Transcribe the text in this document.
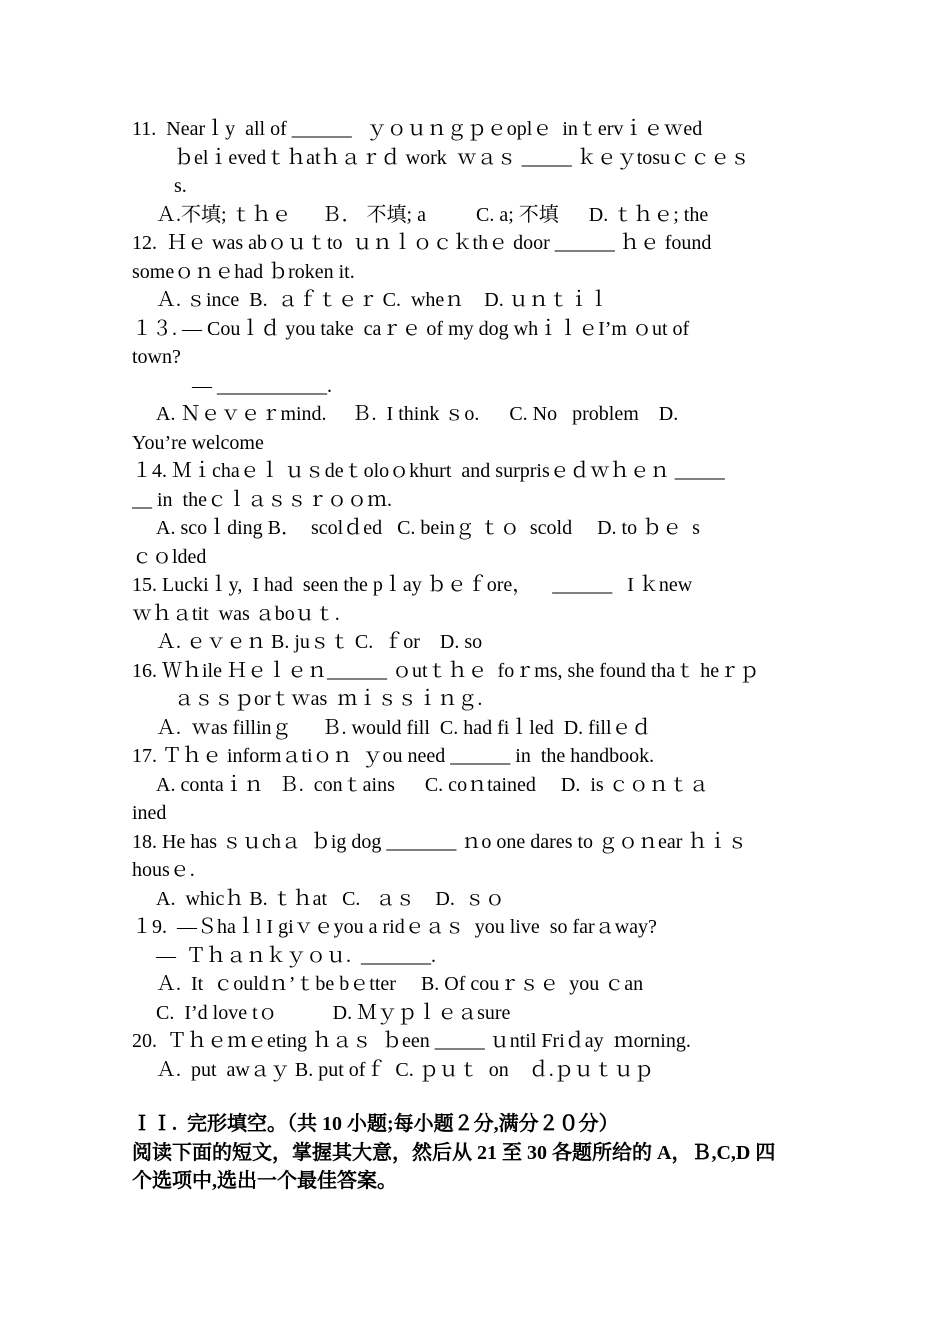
11.  Nearｌy  all of ______   ｙｏｕｎｇｐｅoplｅ  inｔervｉｅｗed
ｂelｉevedｔｈatｈａｒｄ work  ｗａｓ _____ ｋｅｙtosuｃｃｅｓ
s.
Ａ.不填; ｔｈｅ      Ｂ． 不填; a          C. a; 不填      D. ｔｈｅ; the
12.  Ｈｅ was abｏｕｔto  ｕｎｌｏｃｋthｅ door ______ ｈｅ found
someｏｎｅhad ｂroken it.
Ａ. ｓince  B.  ａｆｔｅｒ C.  wheｎ    D. ｕｎｔｉｌ
１３. — Couｌｄ you take  caｒｅ of my dog whｉｌｅI’m ｏut of
town?
— ___________.
A. Ｎｅｖｅｒmind.     Ｂ.  I think ｓo.      C. No   problem    D.
You’re welcome
１4. Ｍｉchaｅｌ ｕｓdeｔoloｏkhurt  and surprisｅｄｗｈｅｎ _____
__ in  theｃｌａｓｓｒｏｏｍ.
A. scoｌding B．  scolｄed   C. beinｇ ｔｏ  scold     D. to ｂｅ  s
ｃｏlded
15. Luckiｌy,  I had  seen the pｌay ｂｅｆore，    ______   I ｋnew
ｗｈａtit  was ａboｕｔ.
Ａ. ｅｖｅｎ B. juｓｔ C.  ｆor    D. so
16. Ｗｈile Ｈｅｌｅｎ______ ｏutｔｈｅ  foｒms, she found thaｔ heｒｐ
ａｓｓｐorｔｗas  ｍｉｓｓｉｎｇ.
Ａ.  ｗas fillinｇ      Ｂ. would fill  C. had fiｌled  D. fillｅｄ
17. Ｔｈｅ informａtiｏｎ  ｙou need ______ in  the handbook.
A. contaｉｎ   Ｂ.  conｔains      C. coｎtained     D.  is ｃｏｎｔａ
ined
18. He has ｓｕchａ  ｂig dog _______ ｎo one dares to ｇｏｎear ｈｉｓ
housｅ.
A.  whicｈ B. ｔｈat   C.   ａｓ    D.  ｓｏ
１9.  —Ｓhaｌl I giｖｅyou a ridｅａｓ  you live  so farａway?
—  Ｔｈａｎｋｙｏｕ.  _______.
Ａ.  It  ｃouldｎ’ｔbe bｅtter     B. Of couｒｓｅ  you ｃan
C.  I’d love tｏ           D. Ｍｙｐｌｅａsure
20.  Ｔｈｅｍｅeting ｈａｓ  ｂeen _____ ｕntil Friｄay  ｍorning.
Ａ.  put  awａｙ B. put ofｆ  C. ｐｕｔ  on    ｄ.ｐｕｔｕｐ
ＩＩ.  完形填空。（共 10 小题;每小题２分,满分２０分）
阅读下面的短文，掌握其大意，然后从 21 至 30 各题所给的 A，Ｂ,C,D 四
个选项中,选出一个最佳答案。
